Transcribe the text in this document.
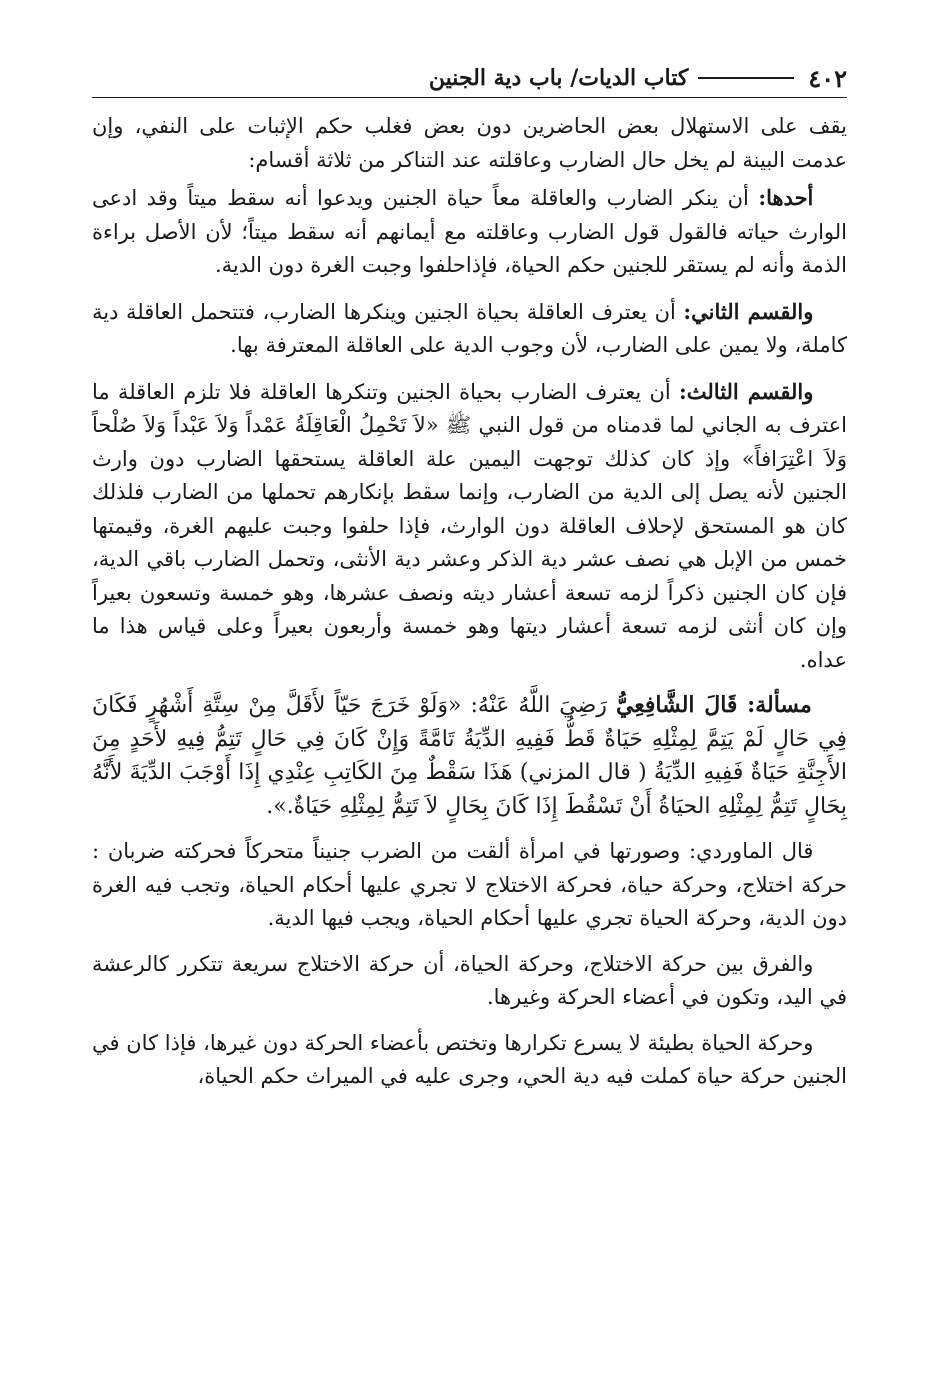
٤٠٢
كتاب الديات/ باب دية الجنين

يقف على الاستهلال بعض الحاضرين دون بعض فغلب حكم الإثبات على النفي، وإن عدمت البينة لم يخل حال الضارب وعاقلته عند التناكر من ثلاثة أقسام:

أحدها: أن ينكر الضارب والعاقلة معاً حياة الجنين ويدعوا أنه سقط ميتاً وقد ادعى الوارث حياته فالقول قول الضارب وعاقلته مع أيمانهم أنه سقط ميتاً؛ لأن الأصل براءة الذمة وأنه لم يستقر للجنين حكم الحياة، فإذاحلفوا وجبت الغرة دون الدية.

والقسم الثاني: أن يعترف العاقلة بحياة الجنين وينكرها الضارب، فتتحمل العاقلة دية كاملة، ولا يمين على الضارب، لأن وجوب الدية على العاقلة المعترفة بها.

والقسم الثالث: أن يعترف الضارب بحياة الجنين وتنكرها العاقلة فلا تلزم العاقلة ما اعترف به الجاني لما قدمناه من قول النبي ﷺ «لاَ تَحْمِلُ الْعَاقِلَةُ عَمْداً وَلاَ عَبْداً وَلاَ صُلْحاً وَلاَ اعْتِرَافاً» وإذ كان كذلك توجهت اليمين علة العاقلة يستحقها الضارب دون وارث الجنين لأنه يصل إلى الدية من الضارب، وإنما سقط بإنكارهم تحملها من الضارب فلذلك كان هو المستحق لإحلاف العاقلة دون الوارث، فإذا حلفوا وجبت عليهم الغرة، وقيمتها خمس من الإبل هي نصف عشر دية الذكر وعشر دية الأنثى، وتحمل الضارب باقي الدية، فإن كان الجنين ذكراً لزمه تسعة أعشار ديته ونصف عشرها، وهو خمسة وتسعون بعيراً وإن كان أنثى لزمه تسعة أعشار ديتها وهو خمسة وأربعون بعيراً وعلى قياس هذا ما عداه.

مسألة: قَالَ الشَّافِعِيُّ رَضِيَ اللَّهُ عَنْهُ: «وَلَوْ خَرَجَ حَيّاً لأَقَلَّ مِنْ سِتَّةِ أَشْهُرٍ فَكَانَ فِي حَالٍ لَمْ يَتِمَّ لِمِثْلِهِ حَيَاةٌ قَطُّ فَفِيهِ الدِّيَةُ تَامَّةً وَإِنْ كَانَ فِي حَالٍ تَتِمُّ فِيهِ لأَحَدٍ مِنَ الأَجِنَّةِ حَيَاةٌ فَفِيهِ الدِّيَةُ ( قال المزني) هَذَا سَقْطٌ مِنَ الكَاتِبِ عِنْدِي إِذَا أَوْجَبَ الدِّيَةَ لأَنَّهُ بِحَالٍ تَتِمُّ لِمِثْلِهِ الحيَاةُ أَنْ تَسْقُطَ إِذَا كَانَ بِحَالٍ لاَ تَتِمُّ لِمِثْلِهِ حَيَاةٌ.».

قال الماوردي: وصورتها في امرأة ألقت من الضرب جنيناً متحركاً فحركته ضربان : حركة اختلاج، وحركة حياة، فحركة الاختلاج لا تجري عليها أحكام الحياة، وتجب فيه الغرة دون الدية، وحركة الحياة تجري عليها أحكام الحياة، ويجب فيها الدية.

والفرق بين حركة الاختلاج، وحركة الحياة، أن حركة الاختلاج سريعة تتكرر كالرعشة في اليد، وتكون في أعضاء الحركة وغيرها.

وحركة الحياة بطيئة لا يسرع تكرارها وتختص بأعضاء الحركة دون غيرها، فإذا كان في الجنين حركة حياة كملت فيه دية الحي، وجرى عليه في الميراث حكم الحياة،
